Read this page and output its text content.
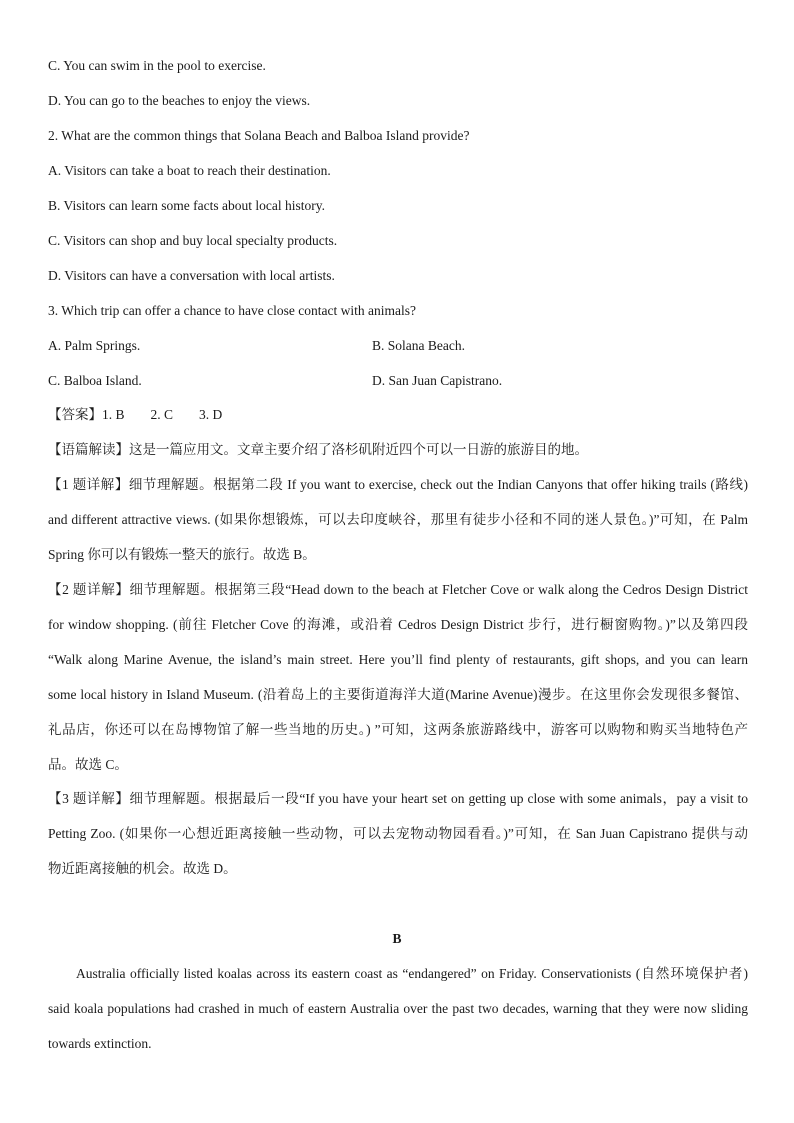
C. You can swim in the pool to exercise.
D. You can go to the beaches to enjoy the views.
2. What are the common things that Solana Beach and Balboa Island provide?
A. Visitors can take a boat to reach their destination.
B. Visitors can learn some facts about local history.
C. Visitors can shop and buy local specialty products.
D. Visitors can have a conversation with local artists.
3. Which trip can offer a chance to have close contact with animals?
A. Palm Springs.	B. Solana Beach.
C. Balboa Island.	D. San Juan Capistrano.
【答案】1. B 2. C 3. D
【语篇解读】这是一篇应用文。文章主要介绍了洛杉矶附近四个可以一日游的旅游目的地。
【1 题详解】细节理解题。根据第二段 If you want to exercise, check out the Indian Canyons that offer hiking trails (路线)
and different attractive views. (如果你想锻炼，可以去印度峡谷，那里有徒步小径和不同的迷人景色。)”可知，在 Palm
Spring 你可以有锻炼一整天的旅行。故选 B。
【2 题详解】细节理解题。根据第三段“Head down to the beach at Fletcher Cove or walk along the Cedros Design District
for window shopping. (前往 Fletcher Cove 的海滩，或沿着 Cedros Design District 步行，进行橱窗购物。)”以及第四段
“Walk along Marine Avenue, the island’s main street. Here you’ll find plenty of restaurants, gift shops, and you can learn
some local history in Island Museum. (沿着岛上的主要街道海洋大道(Marine Avenue)漫步。在这里你会发现很多餐馆、
礼品店，你还可以在岛博物馆了解一些当地的历史。) ”可知，这两条旅游路线中，游客可以购物和购买当地特色产
品。故选 C。
【3 题详解】细节理解题。根据最后一段“If you have your heart set on getting up close with some animals，pay a visit to
Petting Zoo. (如果你一心想近距离接触一些动物，可以去宠物动物园看看。)”可知，在 San Juan Capistrano 提供与动
物近距离接触的机会。故选 D。
B
Australia officially listed koalas across its eastern coast as “endangered” on Friday. Conservationists (自然环境保护者)
said koala populations had crashed in much of eastern Australia over the past two decades, warning that they were now sliding
towards extinction.
